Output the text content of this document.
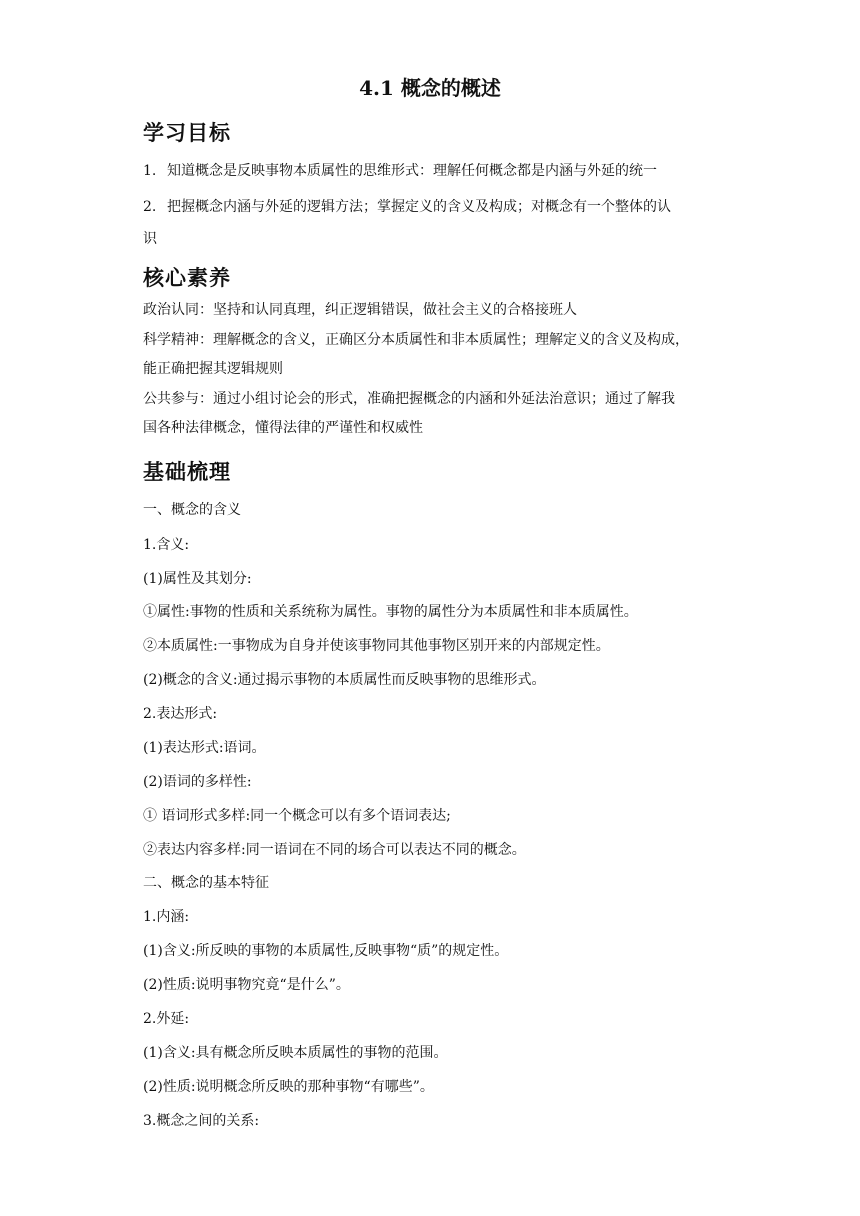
4.1 概念的概述
学习目标
1. 知道概念是反映事物本质属性的思维形式：理解任何概念都是内涵与外延的统一
2. 把握概念内涵与外延的逻辑方法；掌握定义的含义及构成；对概念有一个整体的认
识
核心素养
政治认同：坚持和认同真理，纠正逻辑错误，做社会主义的合格接班人
科学精神：理解概念的含义，正确区分本质属性和非本质属性；理解定义的含义及构成，
能正确把握其逻辑规则
公共参与：通过小组讨论会的形式，准确把握概念的内涵和外延法治意识；通过了解我
国各种法律概念，懂得法律的严谨性和权威性
基础梳理
一、概念的含义
1.含义:
(1)属性及其划分:
①属性:事物的性质和关系统称为属性。事物的属性分为本质属性和非本质属性。
②本质属性:一事物成为自身并使该事物同其他事物区别开来的内部规定性。
(2)概念的含义:通过揭示事物的本质属性而反映事物的思维形式。
2.表达形式:
(1)表达形式:语词。
(2)语词的多样性:
① 语词形式多样:同一个概念可以有多个语词表达;
②表达内容多样:同一语词在不同的场合可以表达不同的概念。
二、概念的基本特征
1.内涵:
(1)含义:所反映的事物的本质属性,反映事物“质”的规定性。
(2)性质:说明事物究竟“是什么”。
2.外延:
(1)含义:具有概念所反映本质属性的事物的范围。
(2)性质:说明概念所反映的那种事物“有哪些”。
3.概念之间的关系:
